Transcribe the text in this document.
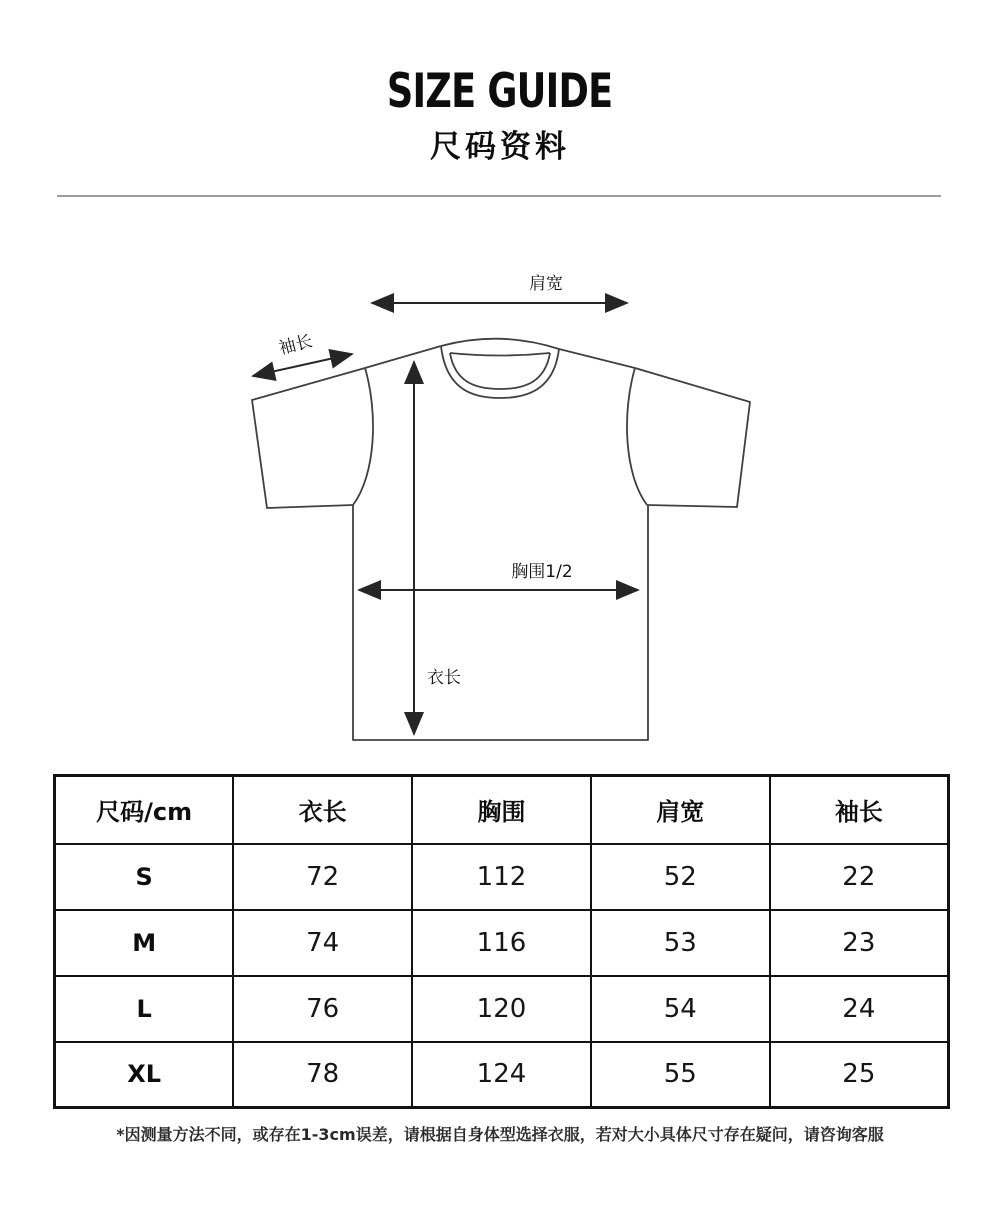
SIZE GUIDE
尺码资料
肩宽
袖长
胸围1/2
衣长
尺码/cm	衣长	胸围	肩宽	袖长
S	72	112	52	22
M	74	116	53	23
L	76	120	54	24
XL	78	124	55	25
*因测量方法不同，或存在1-3cm误差，请根据自身体型选择衣服，若对大小具体尺寸存在疑问，请咨询客服
